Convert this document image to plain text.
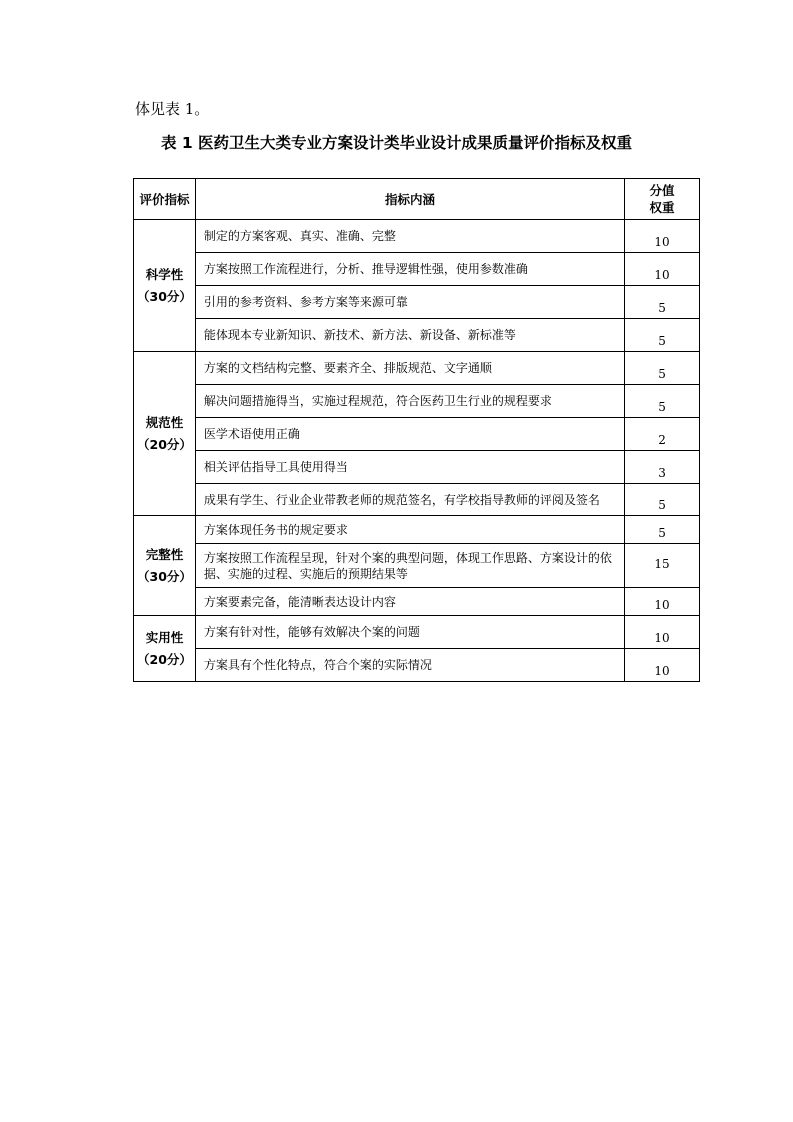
体见表 1。
表 1 医药卫生大类专业方案设计类毕业设计成果质量评价指标及权重
评价指标	指标内涵	分值
权重

科学性
（30分）	制定的方案客观、真实、准确、完整	10
	方案按照工作流程进行，分析、推导逻辑性强，使用参数准确	10
	引用的参考资料、参考方案等来源可靠	5
	能体现本专业新知识、新技术、新方法、新设备、新标准等	5

规范性
（20分）	方案的文档结构完整、要素齐全、排版规范、文字通顺	5
	解决问题措施得当，实施过程规范，符合医药卫生行业的规程要求	5
	医学术语使用正确	2
	相关评估指导工具使用得当	3
	成果有学生、行业企业带教老师的规范签名，有学校指导教师的评阅及签名	5

完整性
（30分）	方案体现任务书的规定要求	5
	方案按照工作流程呈现，针对个案的典型问题，体现工作思路、方案设计的依据、实施的过程、实施后的预期结果等	15
	方案要素完备，能清晰表达设计内容	10

实用性
（20分）	方案有针对性，能够有效解决个案的问题	10
	方案具有个性化特点，符合个案的实际情况	10
